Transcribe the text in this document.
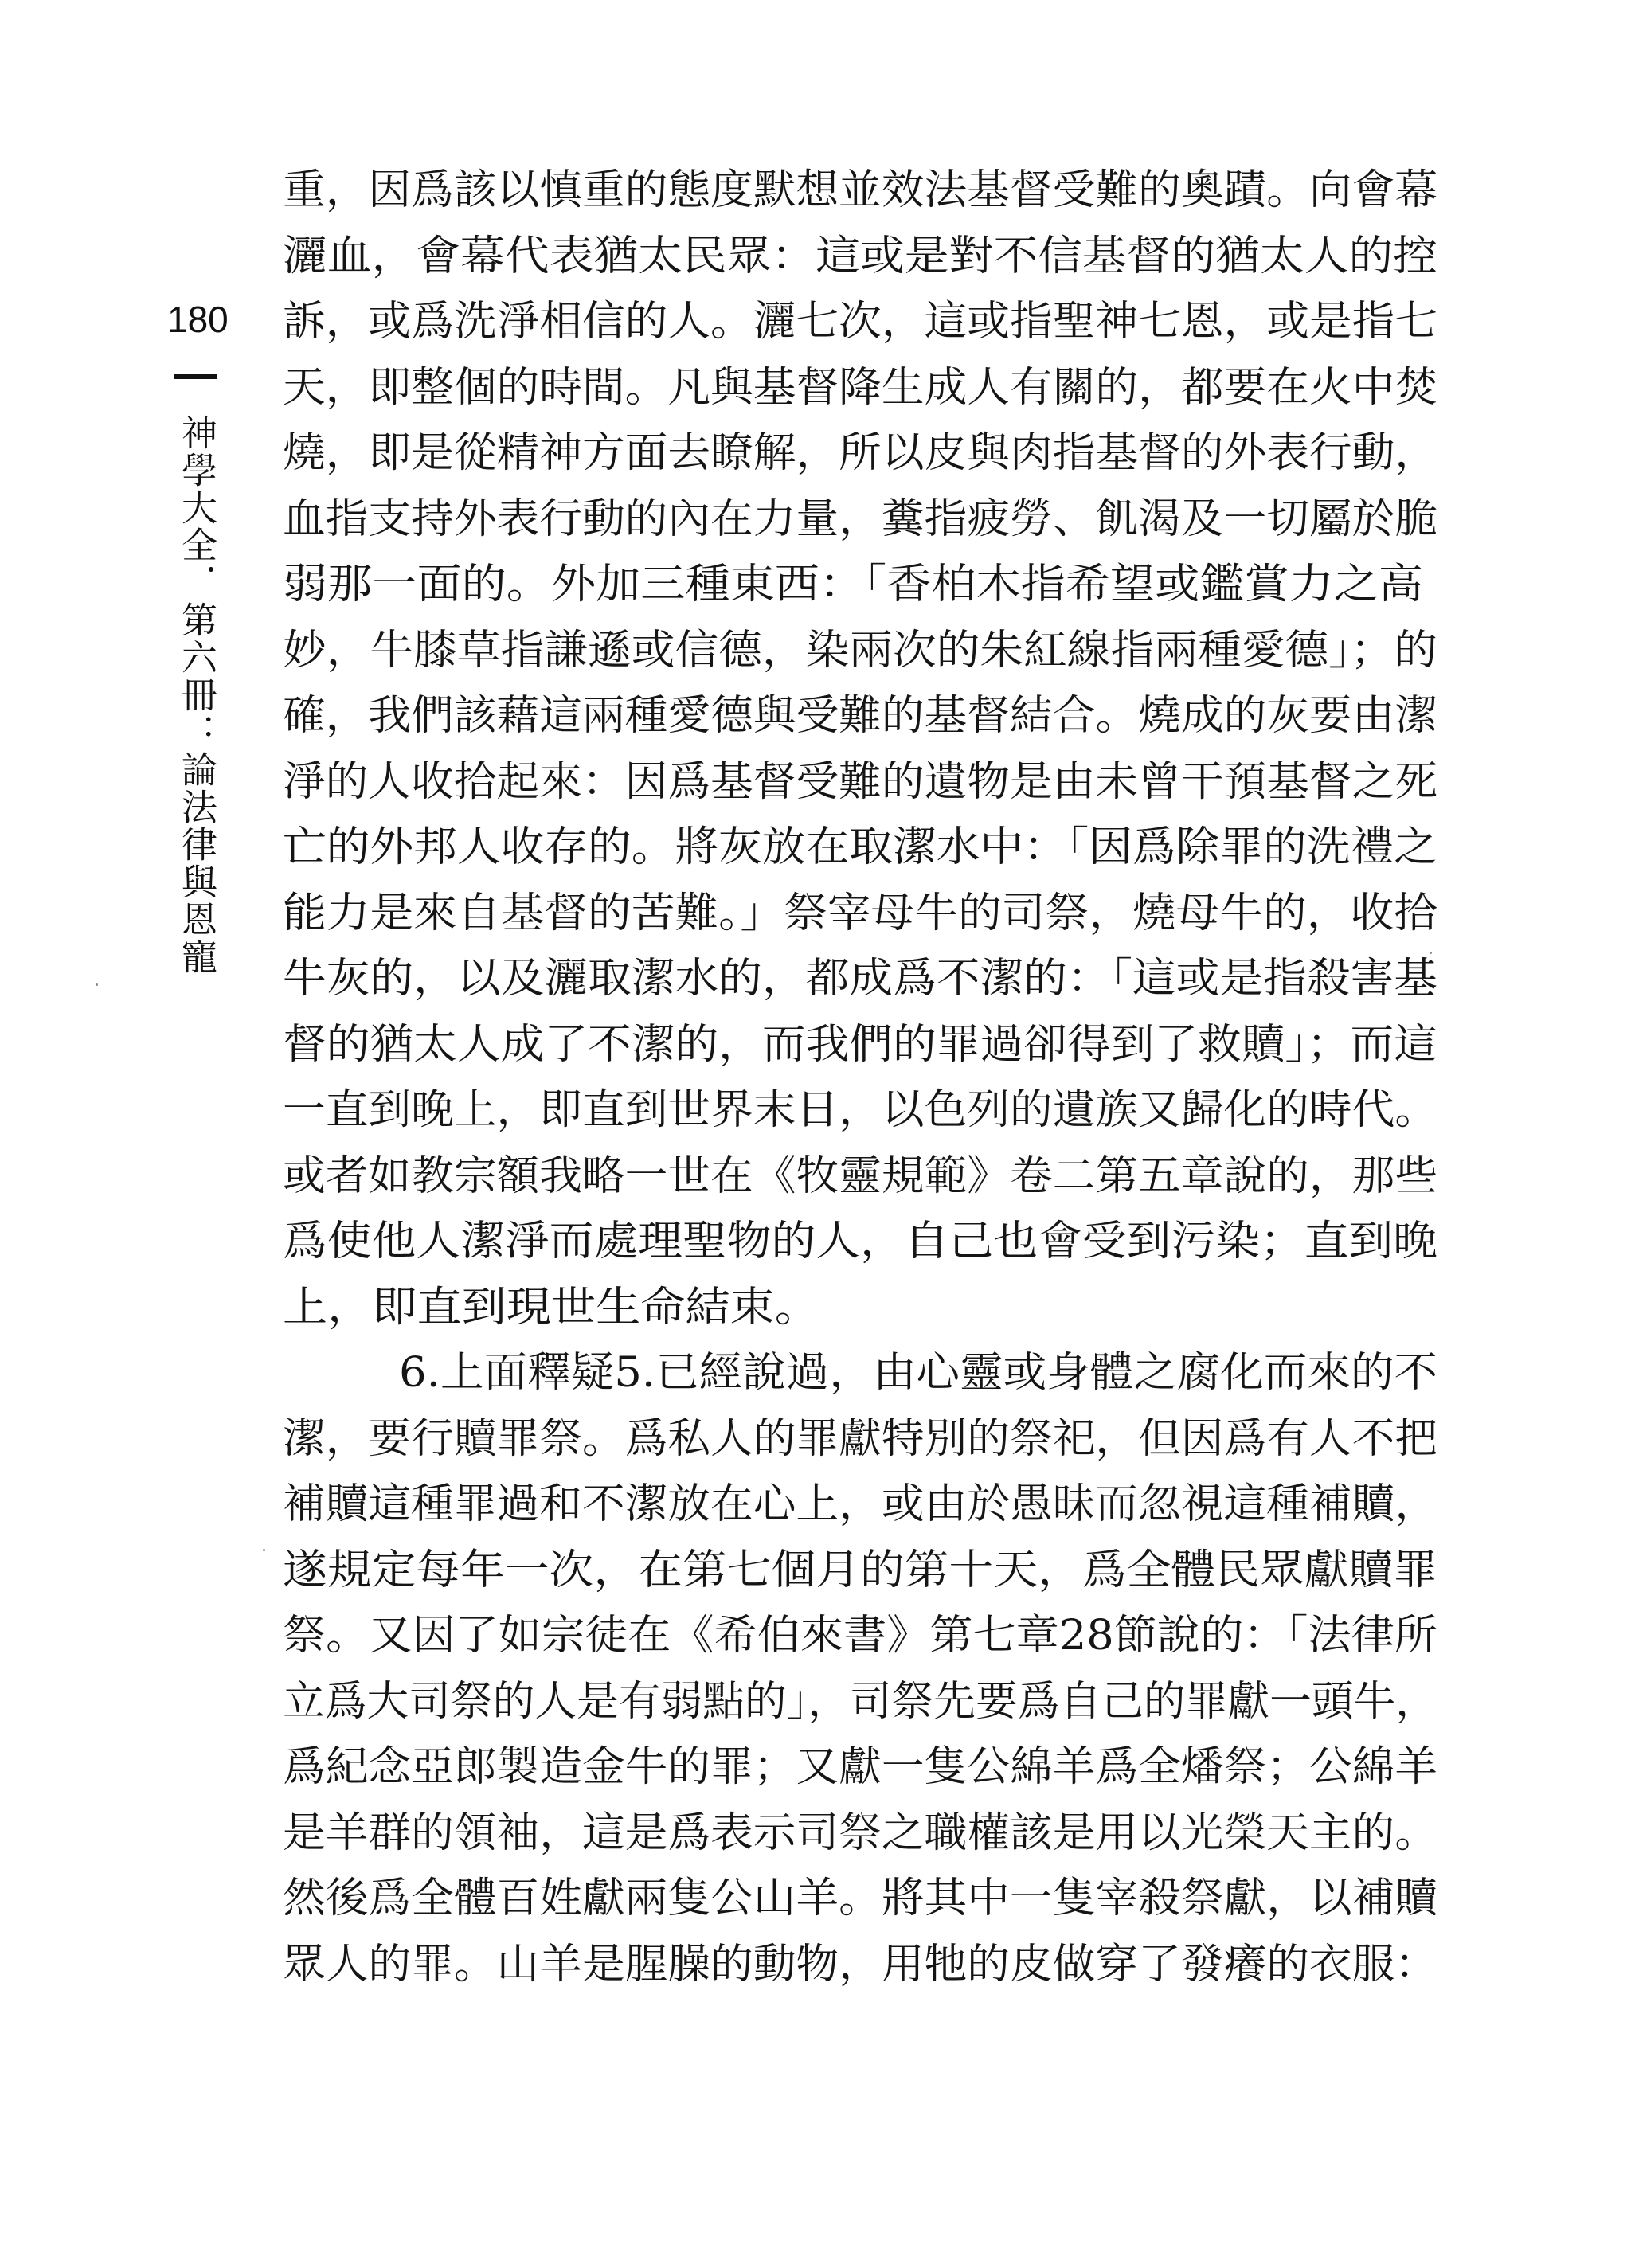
180
神學大全．第六冊：論法律與恩寵
重，因爲該以慎重的態度默想並效法基督受難的奧蹟。向會幕
灑血，會幕代表猶太民眾：這或是對不信基督的猶太人的控
訴，或爲洗淨相信的人。灑七次，這或指聖神七恩，或是指七
天，即整個的時間。凡與基督降生成人有關的，都要在火中焚
燒，即是從精神方面去瞭解，所以皮與肉指基督的外表行動，
血指支持外表行動的內在力量，糞指疲勞、飢渴及一切屬於脆
弱那一面的。外加三種東西：「香柏木指希望或鑑賞力之高
妙，牛膝草指謙遜或信德，染兩次的朱紅線指兩種愛德」；的
確，我們該藉這兩種愛德與受難的基督結合。燒成的灰要由潔
淨的人收拾起來：因爲基督受難的遺物是由未曾干預基督之死
亡的外邦人收存的。將灰放在取潔水中：「因爲除罪的洗禮之
能力是來自基督的苦難。」祭宰母牛的司祭，燒母牛的，收拾
牛灰的，以及灑取潔水的，都成爲不潔的：「這或是指殺害基
督的猶太人成了不潔的，而我們的罪過卻得到了救贖」；而這
一直到晚上，即直到世界末日，以色列的遺族又歸化的時代。
或者如教宗額我略一世在《牧靈規範》卷二第五章說的，那些
爲使他人潔淨而處理聖物的人，自己也會受到污染；直到晚
上，即直到現世生命結束。
6.上面釋疑5.已經說過，由心靈或身體之腐化而來的不
潔，要行贖罪祭。爲私人的罪獻特別的祭祀，但因爲有人不把
補贖這種罪過和不潔放在心上，或由於愚昧而忽視這種補贖，
遂規定每年一次，在第七個月的第十天，爲全體民眾獻贖罪
祭。又因了如宗徒在《希伯來書》第七章28節說的：「法律所
立爲大司祭的人是有弱點的」，司祭先要爲自己的罪獻一頭牛，
爲紀念亞郎製造金牛的罪；又獻一隻公綿羊爲全燔祭；公綿羊
是羊群的領袖，這是爲表示司祭之職權該是用以光榮天主的。
然後爲全體百姓獻兩隻公山羊。將其中一隻宰殺祭獻，以補贖
眾人的罪。山羊是腥臊的動物，用牠的皮做穿了發癢的衣服：
